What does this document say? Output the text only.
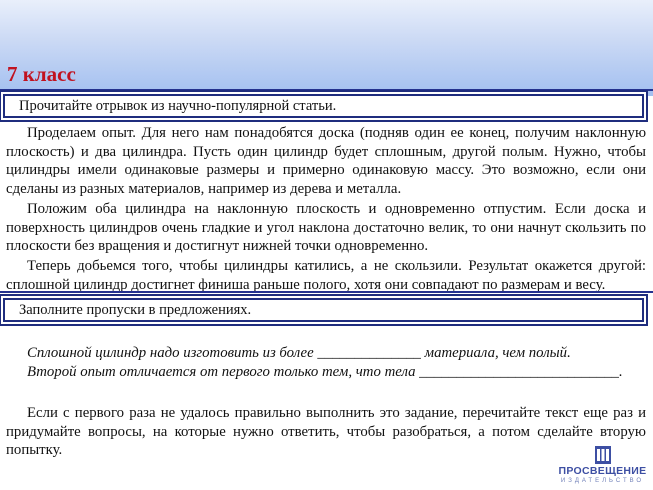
7 класс
Прочитайте отрывок из научно-популярной статьи.
Проделаем опыт. Для него нам понадобятся доска (подняв один ее конец, получим наклонную плоскость) и два цилиндра. Пусть один цилиндр будет сплошным, другой полым. Нужно, чтобы цилиндры имели одинаковые размеры и примерно одинаковую массу. Это возможно, если они сделаны из разных материалов, например из дерева и металла.
Положим оба цилиндра на наклонную плоскость и одновременно отпустим. Если доска и поверхность цилиндров очень гладкие и угол наклона достаточно велик, то они начнут скользить по плоскости без вращения и достигнут нижней точки одновременно.
Теперь добьемся того, чтобы цилиндры катились, а не скользили. Результат окажется другой: сплошной цилиндр достигнет финиша раньше полого, хотя они совпадают по размерам и весу.
Заполните пропуски в предложениях.
Сплошной цилиндр надо изготовить из более ______________ материала, чем полый.
Второй опыт отличается от первого только тем, что тела ___________________________.
Если с первого раза не удалось правильно выполнить это задание, перечитайте текст еще раз и придумайте вопросы, на которые нужно ответить, чтобы разобраться, а потом сделайте вторую попытку.
ПРОСВЕЩЕНИЕ
ИЗДАТЕЛЬСТВО
